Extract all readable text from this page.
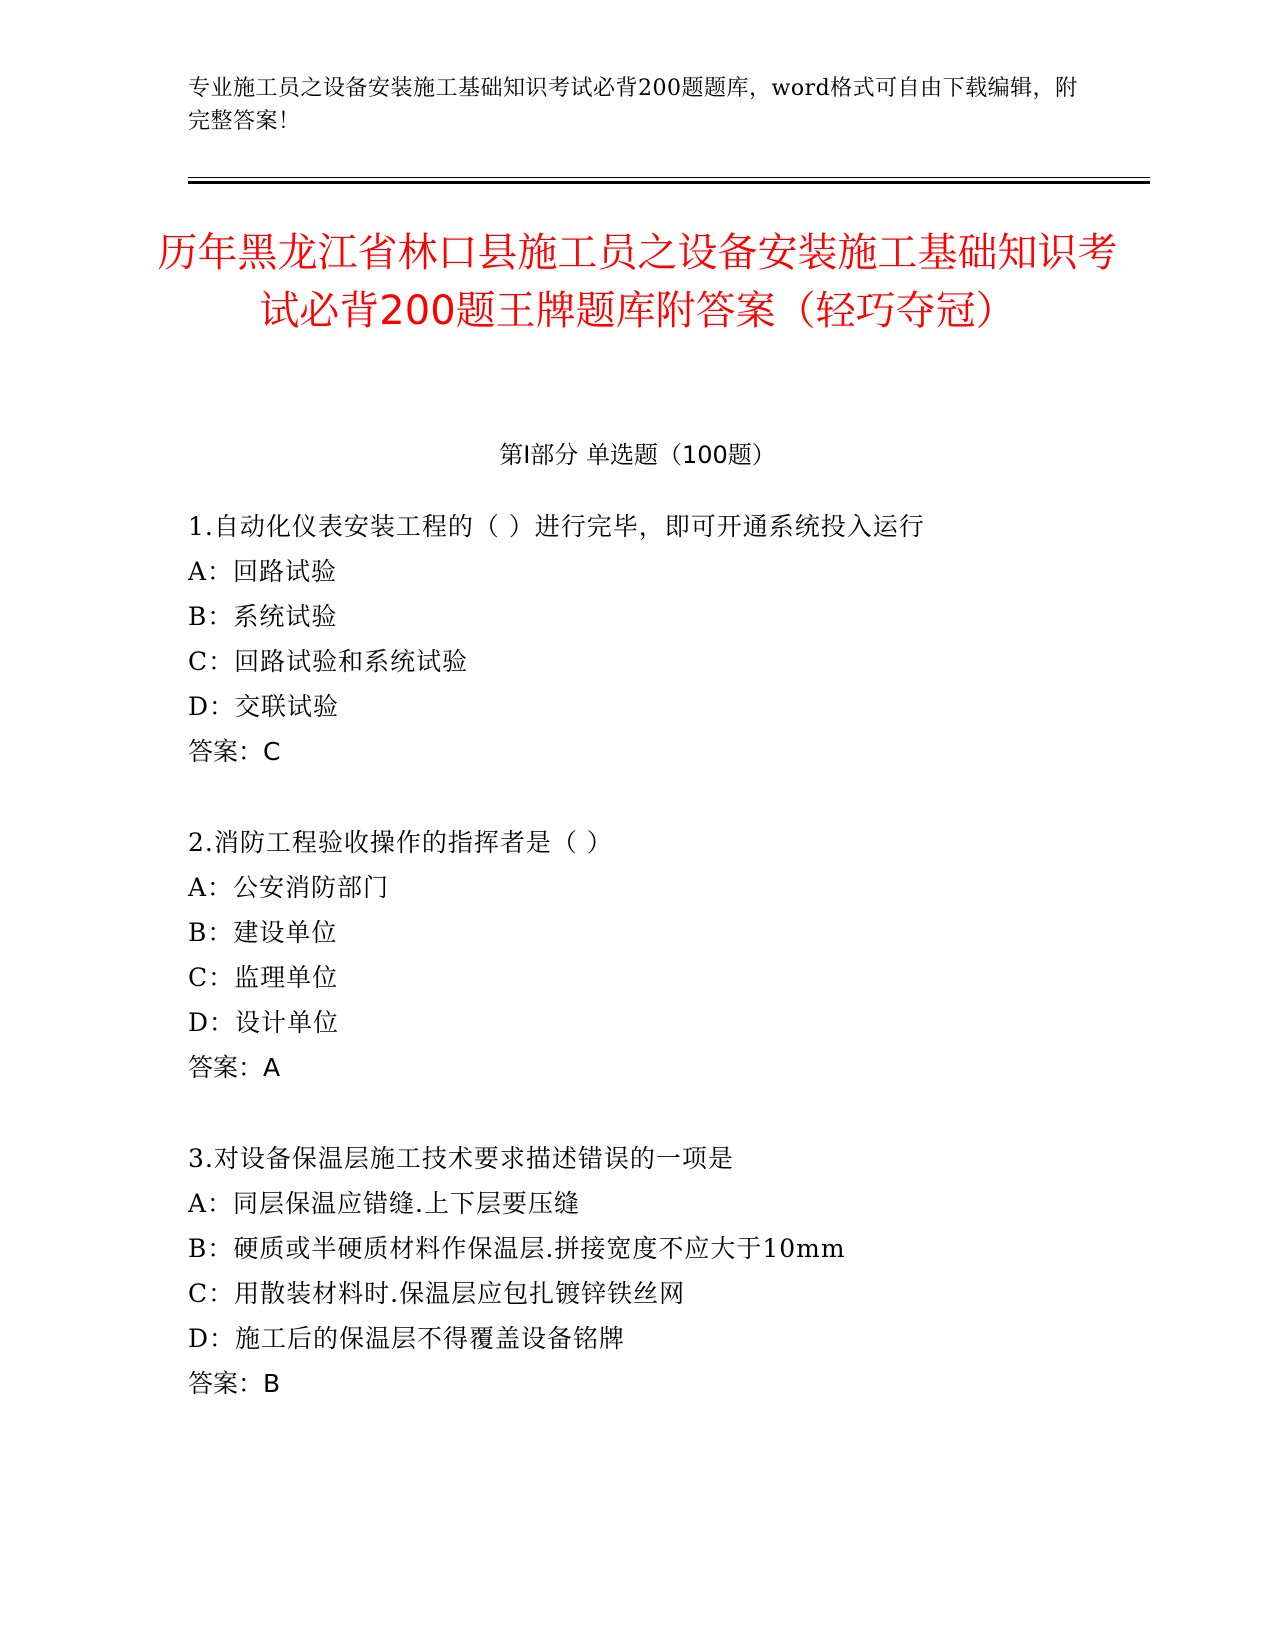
专业施工员之设备安装施工基础知识考试必背200题题库，word格式可自由下载编辑，附完整答案！
历年黑龙江省林口县施工员之设备安装施工基础知识考试必背200题王牌题库附答案（轻巧夺冠）
第I部分 单选题（100题）
1.自动化仪表安装工程的（ ）进行完毕，即可开通系统投入运行
A：回路试验
B：系统试验
C：回路试验和系统试验
D：交联试验
答案：C
2.消防工程验收操作的指挥者是（ ）
A：公安消防部门
B：建设单位
C：监理单位
D：设计单位
答案：A
3.对设备保温层施工技术要求描述错误的一项是
A：同层保温应错缝.上下层要压缝
B：硬质或半硬质材料作保温层.拼接宽度不应大于10mm
C：用散装材料时.保温层应包扎镀锌铁丝网
D：施工后的保温层不得覆盖设备铭牌
答案：B
